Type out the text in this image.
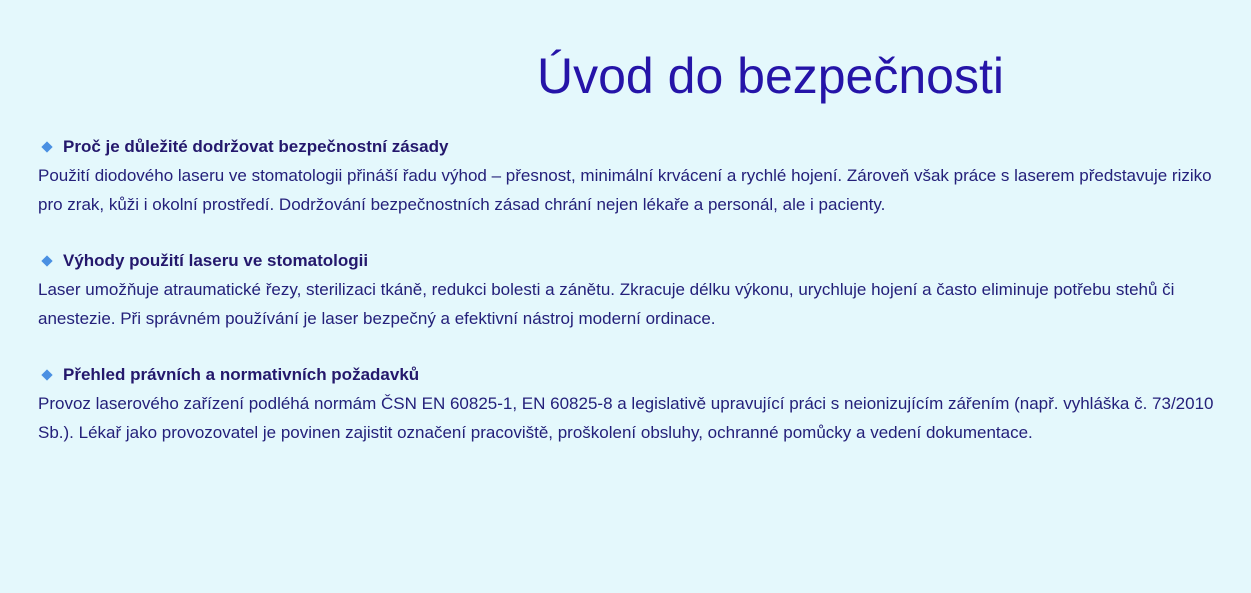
Úvod do bezpečnosti
Proč je důležité dodržovat bezpečnostní zásady

Použití diodového laseru ve stomatologii přináší řadu výhod – přesnost, minimální krvácení a rychlé hojení. Zároveň však práce s laserem představuje riziko pro zrak, kůži i okolní prostředí. Dodržování bezpečnostních zásad chrání nejen lékaře a personál, ale i pacienty.

Výhody použití laseru ve stomatologii

Laser umožňuje atraumatické řezy, sterilizaci tkáně, redukci bolesti a zánětu. Zkracuje délku výkonu, urychluje hojení a často eliminuje potřebu stehů či anestezie. Při správném používání je laser bezpečný a efektivní nástroj moderní ordinace.

Přehled právních a normativních požadavků

Provoz laserového zařízení podléhá normám ČSN EN 60825-1, EN 60825-8 a legislativě upravující práci s neionizujícím zářením (např. vyhláška č. 73/2010 Sb.). Lékař jako provozovatel je povinen zajistit označení pracoviště, proškolení obsluhy, ochranné pomůcky a vedení dokumentace.
